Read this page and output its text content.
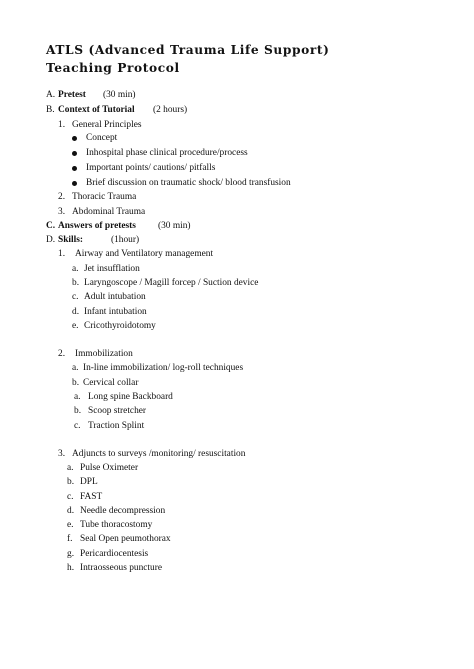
ATLS (Advanced Trauma Life Support)
Teaching Protocol
A. Pretest (30 min)
B. Context of Tutorial (2 hours)
1. General Principles
Concept
Inhospital phase clinical procedure/process
Important points/ cautions/ pitfalls
Brief discussion on traumatic shock/ blood transfusion
2. Thoracic Trauma
3. Abdominal Trauma
C. Answers of pretests (30 min)
D. Skills:	(1hour)
1. Airway and Ventilatory management
a. Jet insufflation
b. Laryngoscope / Magill forcep / Suction device
c. Adult intubation
d. Infant intubation
e. Cricothyroidotomy
2. Immobilization
a. In-line immobilization/ log-roll techniques
b. Cervical collar
a. Long spine Backboard
b. Scoop stretcher
c. Traction Splint
3. Adjuncts to surveys /monitoring/ resuscitation
a. Pulse Oximeter
b. DPL
c. FAST
d. Needle decompression
e. Tube thoracostomy
f. Seal Open peumothorax
g. Pericardiocentesis
h. Intraosseous puncture
